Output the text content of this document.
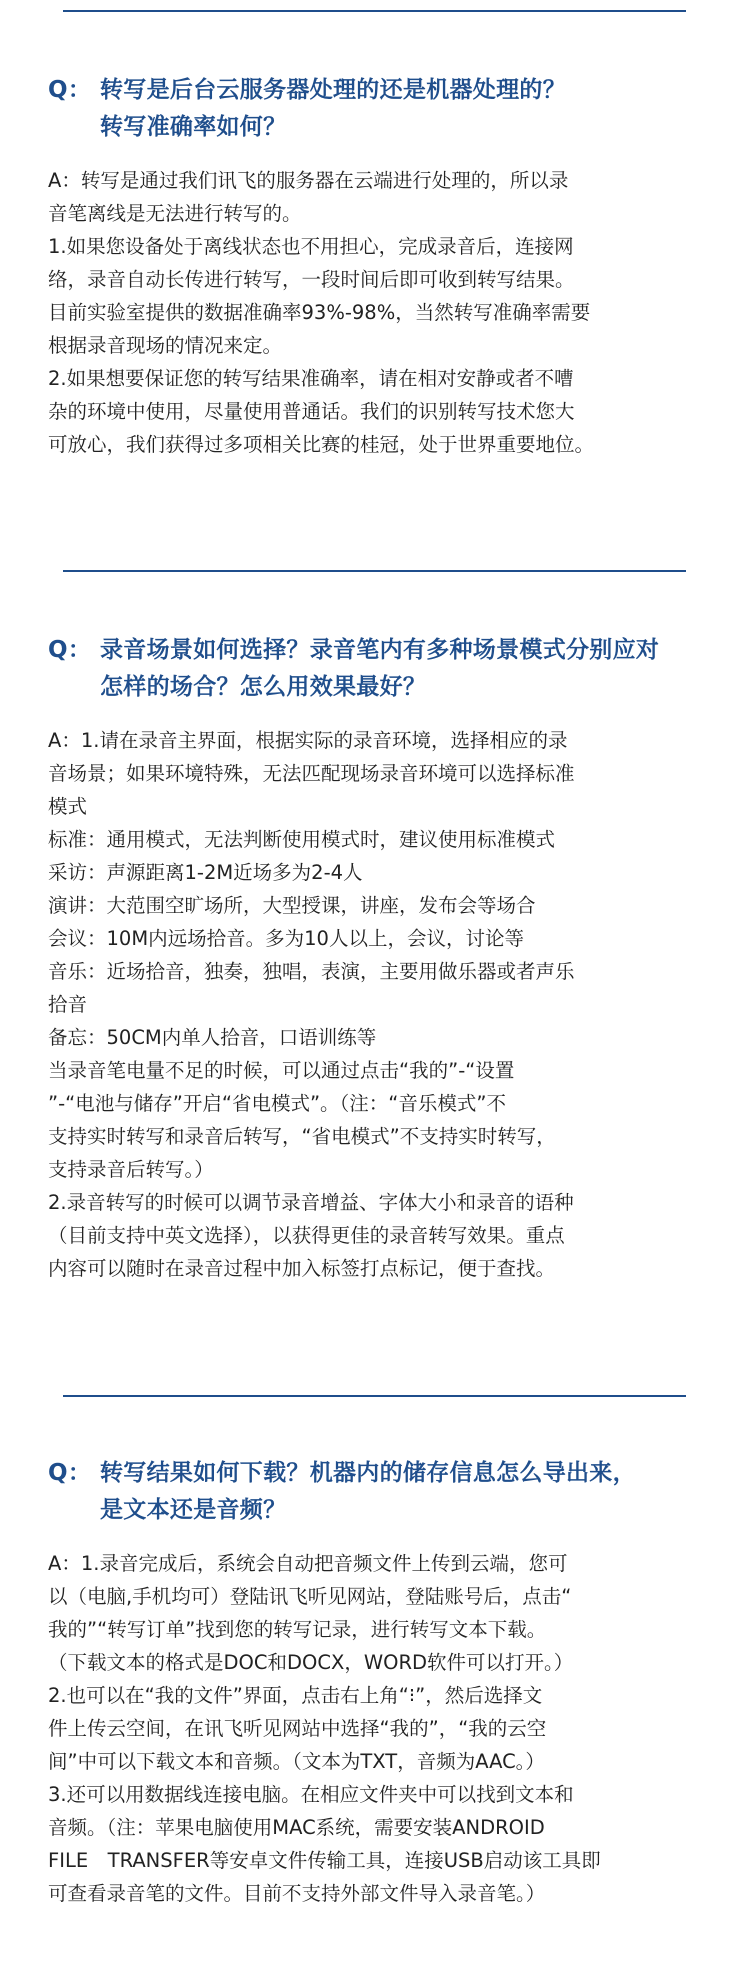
Q： 转写是后台云服务器处理的还是机器处理的？
转写准确率如何？
A：转写是通过我们讯飞的服务器在云端进行处理的，所以录
音笔离线是无法进行转写的。
1.如果您设备处于离线状态也不用担心，完成录音后，连接网
络，录音自动长传进行转写，一段时间后即可收到转写结果。
目前实验室提供的数据准确率93%-98%，当然转写准确率需要
根据录音现场的情况来定。
2.如果想要保证您的转写结果准确率，请在相对安静或者不嘈
杂的环境中使用，尽量使用普通话。我们的识别转写技术您大
可放心，我们获得过多项相关比赛的桂冠，处于世界重要地位。
Q： 录音场景如何选择？录音笔内有多种场景模式分别应对
怎样的场合？怎么用效果最好？
A：1.请在录音主界面，根据实际的录音环境，选择相应的录
音场景；如果环境特殊，无法匹配现场录音环境可以选择标准
模式
标准：通用模式，无法判断使用模式时，建议使用标准模式
采访：声源距离1-2M近场多为2-4人
演讲：大范围空旷场所，大型授课，讲座，发布会等场合
会议：10M内远场拾音。多为10人以上，会议，讨论等
音乐：近场拾音，独奏，独唱，表演，主要用做乐器或者声乐
拾音
备忘：50CM内单人拾音，口语训练等
当录音笔电量不足的时候，可以通过点击“我的”-“设置
”-“电池与储存”开启“省电模式”。（注：“音乐模式”不
支持实时转写和录音后转写，“省电模式”不支持实时转写，
支持录音后转写。）
2.录音转写的时候可以调节录音增益、字体大小和录音的语种
（目前支持中英文选择），以获得更佳的录音转写效果。重点
内容可以随时在录音过程中加入标签打点标记，便于查找。
Q： 转写结果如何下载？机器内的储存信息怎么导出来，
是文本还是音频？
A：1.录音完成后，系统会自动把音频文件上传到云端，您可
以（电脑,手机均可）登陆讯飞听见网站，登陆账号后，点击“
我的”“转写订单”找到您的转写记录，进行转写文本下载。
（下载文本的格式是DOC和DOCX，WORD软件可以打开。）
2.也可以在“我的文件”界面，点击右上角“⁝”，然后选择文
件上传云空间，在讯飞听见网站中选择“我的”，“我的云空
间”中可以下载文本和音频。（文本为TXT，音频为AAC。）
3.还可以用数据线连接电脑。在相应文件夹中可以找到文本和
音频。（注：苹果电脑使用MAC系统，需要安装ANDROID
FILE　TRANSFER等安卓文件传输工具，连接USB启动该工具即
可查看录音笔的文件。目前不支持外部文件导入录音笔。）
